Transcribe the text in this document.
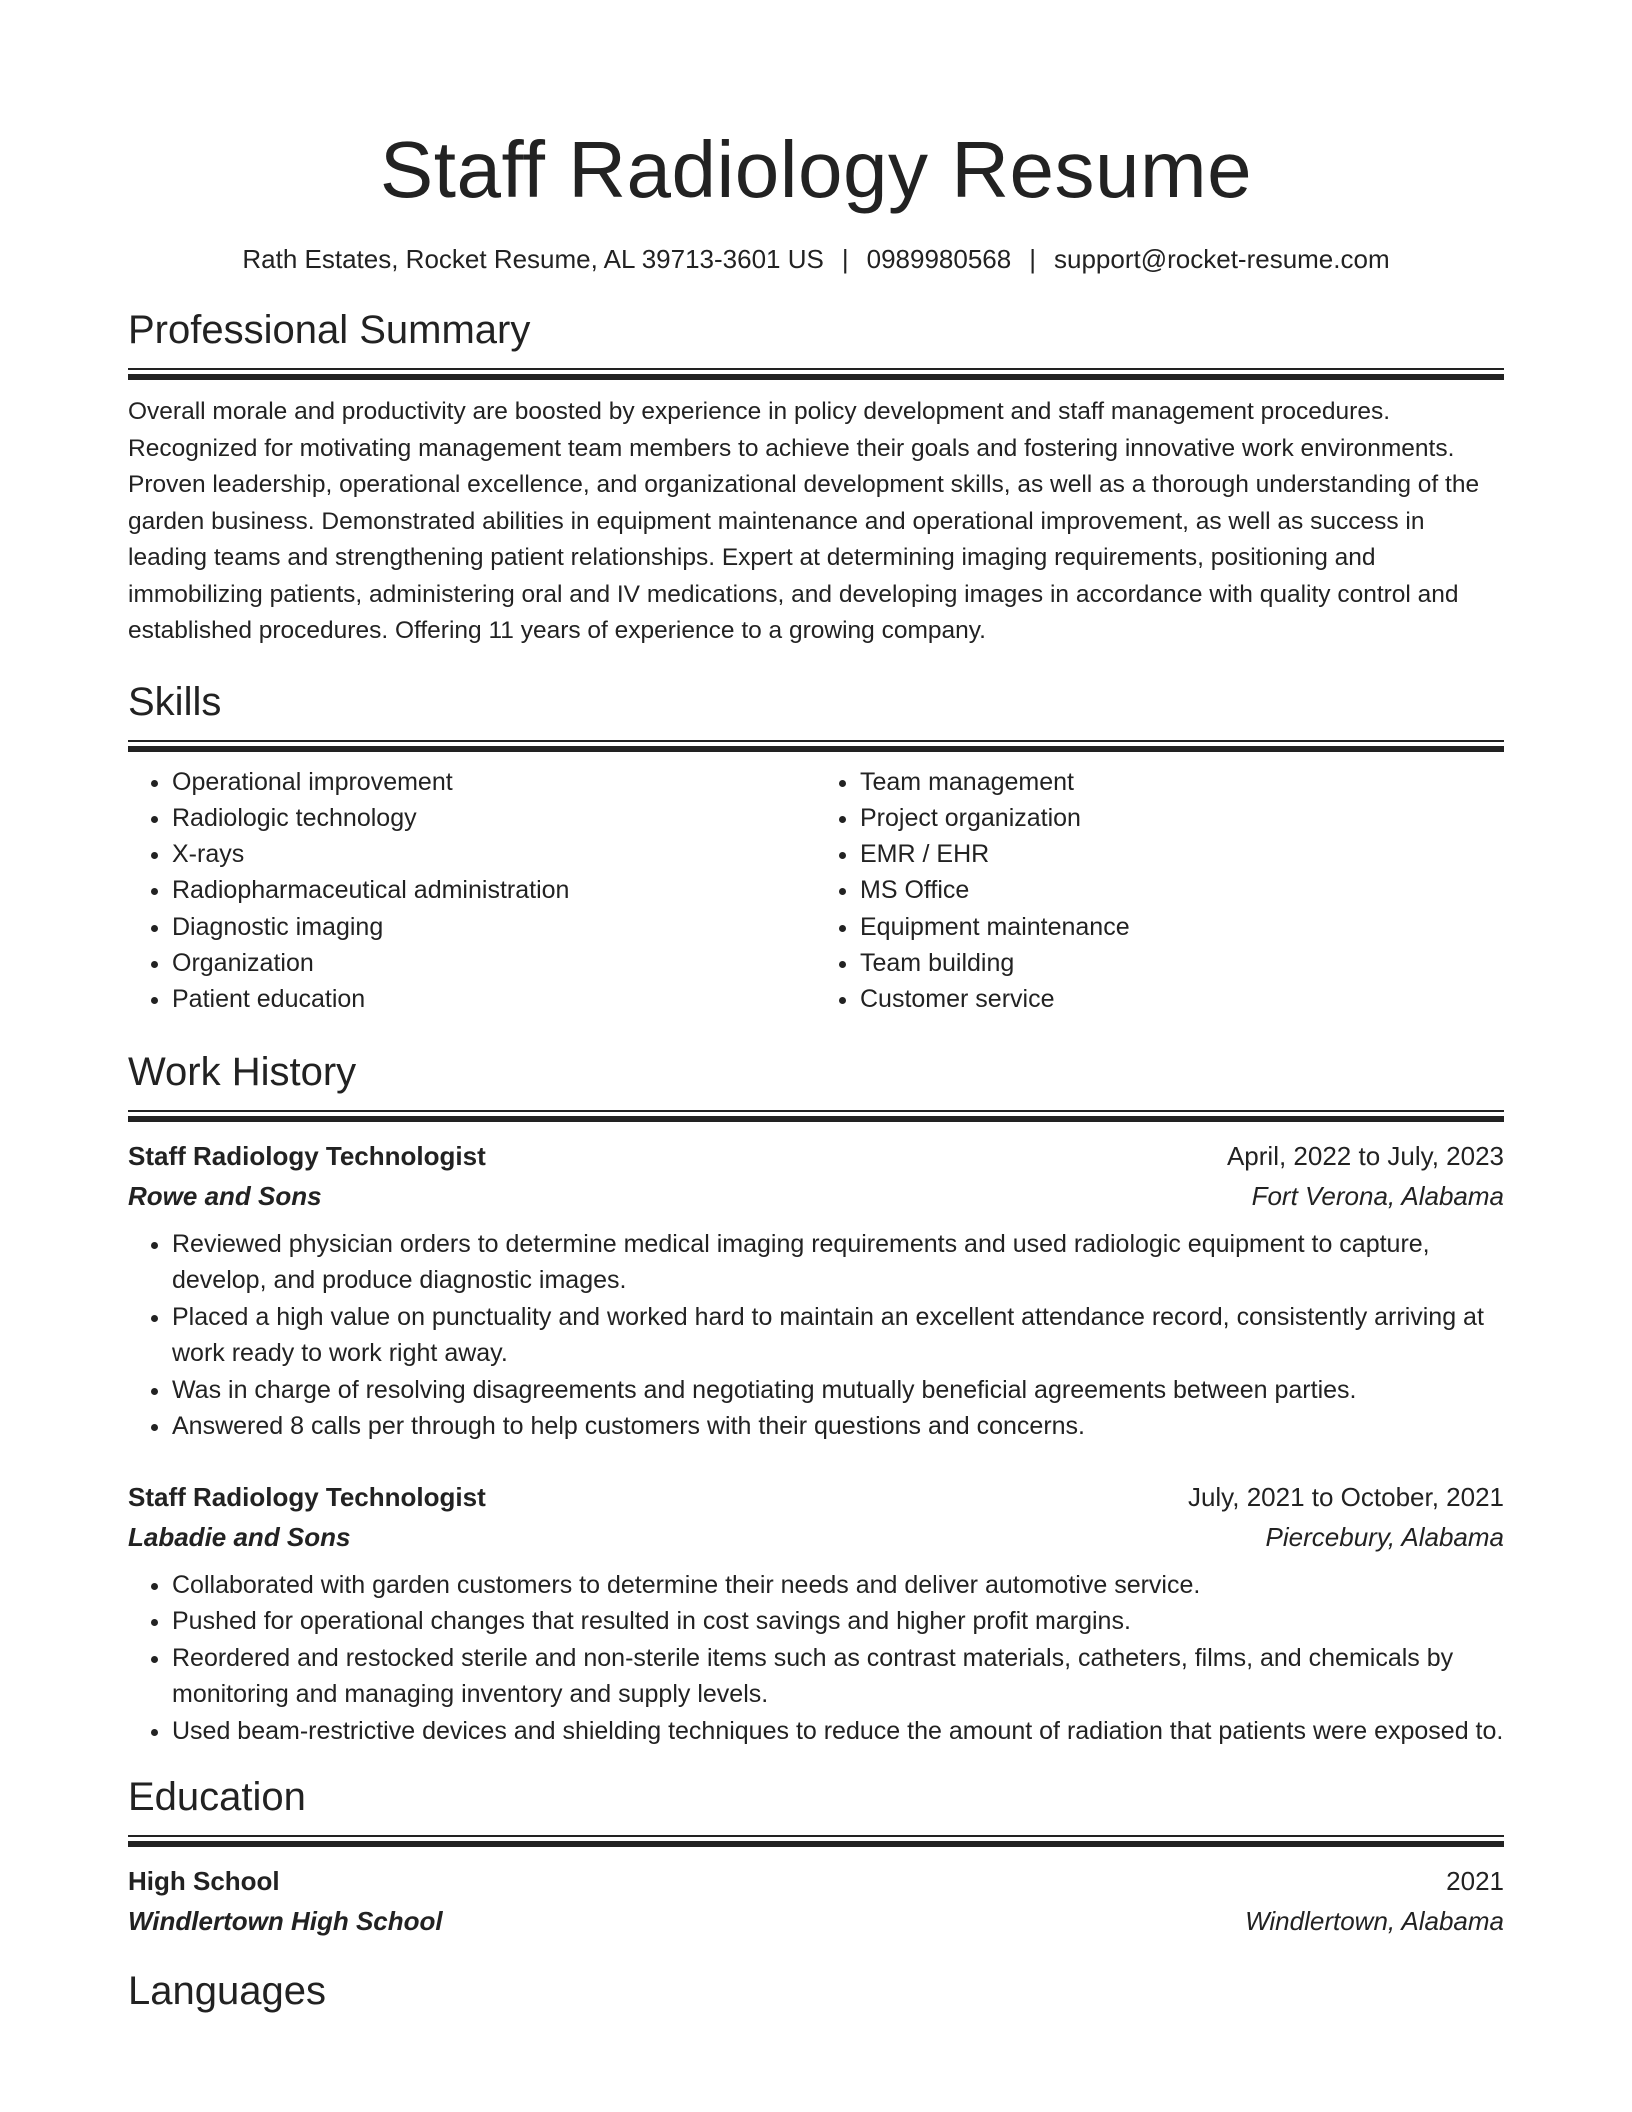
Staff Radiology Resume
Rath Estates, Rocket Resume, AL 39713-3601 US | 0989980568 | support@rocket-resume.com
Professional Summary
Overall morale and productivity are boosted by experience in policy development and staff management procedures. Recognized for motivating management team members to achieve their goals and fostering innovative work environments. Proven leadership, operational excellence, and organizational development skills, as well as a thorough understanding of the garden business. Demonstrated abilities in equipment maintenance and operational improvement, as well as success in leading teams and strengthening patient relationships. Expert at determining imaging requirements, positioning and immobilizing patients, administering oral and IV medications, and developing images in accordance with quality control and established procedures. Offering 11 years of experience to a growing company.
Skills
• Operational improvement
• Radiologic technology
• X-rays
• Radiopharmaceutical administration
• Diagnostic imaging
• Organization
• Patient education
• Team management
• Project organization
• EMR / EHR
• MS Office
• Equipment maintenance
• Team building
• Customer service
Work History
Staff Radiology Technologist	April, 2022 to July, 2023
Rowe and Sons	Fort Verona, Alabama
• Reviewed physician orders to determine medical imaging requirements and used radiologic equipment to capture, develop, and produce diagnostic images.
• Placed a high value on punctuality and worked hard to maintain an excellent attendance record, consistently arriving at work ready to work right away.
• Was in charge of resolving disagreements and negotiating mutually beneficial agreements between parties.
• Answered 8 calls per through to help customers with their questions and concerns.
Staff Radiology Technologist	July, 2021 to October, 2021
Labadie and Sons	Piercebury, Alabama
• Collaborated with garden customers to determine their needs and deliver automotive service.
• Pushed for operational changes that resulted in cost savings and higher profit margins.
• Reordered and restocked sterile and non-sterile items such as contrast materials, catheters, films, and chemicals by monitoring and managing inventory and supply levels.
• Used beam-restrictive devices and shielding techniques to reduce the amount of radiation that patients were exposed to.
Education
High School	2021
Windlertown High School	Windlertown, Alabama
Languages
